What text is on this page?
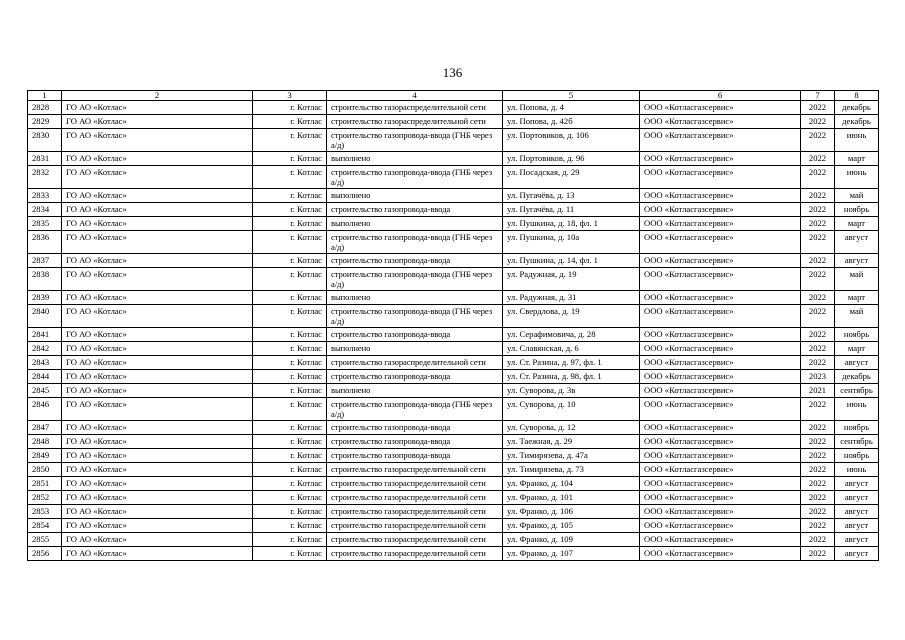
136
1	2	3	4	5	6	7	8
2828	ГО АО «Котлас»	г. Котлас	строительство газораспределительной сети	ул. Попова, д. 4	ООО «Котласгазсервис»	2022	декабрь
2829	ГО АО «Котлас»	г. Котлас	строительство газораспределительной сети	ул. Попова, д. 42б	ООО «Котласгазсервис»	2022	декабрь
2830	ГО АО «Котлас»	г. Котлас	строительство газопровода-ввода (ГНБ через а/д)	ул. Портовиков, д. 106	ООО «Котласгазсервис»	2022	июнь
2831	ГО АО «Котлас»	г. Котлас	выполнено	ул. Портовиков, д. 96	ООО «Котласгазсервис»	2022	март
2832	ГО АО «Котлас»	г. Котлас	строительство газопровода-ввода (ГНБ через а/д)	ул. Посадская, д. 29	ООО «Котласгазсервис»	2022	июнь
2833	ГО АО «Котлас»	г. Котлас	выполнено	ул. Пугачёва, д. 13	ООО «Котласгазсервис»	2022	май
2834	ГО АО «Котлас»	г. Котлас	строительство газопровода-ввода	ул. Пугачёва, д. 11	ООО «Котласгазсервис»	2022	ноябрь
2835	ГО АО «Котлас»	г. Котлас	выполнено	ул. Пушкина, д. 18, фл. 1	ООО «Котласгазсервис»	2022	март
2836	ГО АО «Котлас»	г. Котлас	строительство газопровода-ввода (ГНБ через а/д)	ул. Пушкина, д. 10а	ООО «Котласгазсервис»	2022	август
2837	ГО АО «Котлас»	г. Котлас	строительство газопровода-ввода	ул. Пушкина, д. 14, фл. 1	ООО «Котласгазсервис»	2022	август
2838	ГО АО «Котлас»	г. Котлас	строительство газопровода-ввода (ГНБ через а/д)	ул. Радужная, д. 19	ООО «Котласгазсервис»	2022	май
2839	ГО АО «Котлас»	г. Котлас	выполнено	ул. Радужная, д. 31	ООО «Котласгазсервис»	2022	март
2840	ГО АО «Котлас»	г. Котлас	строительство газопровода-ввода (ГНБ через а/д)	ул. Свердлова, д. 19	ООО «Котласгазсервис»	2022	май
2841	ГО АО «Котлас»	г. Котлас	строительство газопровода-ввода	ул. Серафимовича, д. 28	ООО «Котласгазсервис»	2022	ноябрь
2842	ГО АО «Котлас»	г. Котлас	выполнено	ул. Славянская, д. 6	ООО «Котласгазсервис»	2022	март
2843	ГО АО «Котлас»	г. Котлас	строительство газораспределительной сети	ул. Ст. Разина, д. 97, фл. 1	ООО «Котласгазсервис»	2022	август
2844	ГО АО «Котлас»	г. Котлас	строительство газопровода-ввода	ул. Ст. Разина, д. 98, фл. 1	ООО «Котласгазсервис»	2023	декабрь
2845	ГО АО «Котлас»	г. Котлас	выполнено	ул. Суворова, д. 3в	ООО «Котласгазсервис»	2021	сентябрь
2846	ГО АО «Котлас»	г. Котлас	строительство газопровода-ввода (ГНБ через а/д)	ул. Суворова, д. 10	ООО «Котласгазсервис»	2022	июнь
2847	ГО АО «Котлас»	г. Котлас	строительство газопровода-ввода	ул. Суворова, д. 12	ООО «Котласгазсервис»	2022	ноябрь
2848	ГО АО «Котлас»	г. Котлас	строительство газопровода-ввода	ул. Таежная, д. 29	ООО «Котласгазсервис»	2022	сентябрь
2849	ГО АО «Котлас»	г. Котлас	строительство газопровода-ввода	ул. Тимирязева, д. 47а	ООО «Котласгазсервис»	2022	ноябрь
2850	ГО АО «Котлас»	г. Котлас	строительство газораспределительной сети	ул. Тимирязева, д. 73	ООО «Котласгазсервис»	2022	июнь
2851	ГО АО «Котлас»	г. Котлас	строительство газораспределительной сети	ул. Франко, д. 104	ООО «Котласгазсервис»	2022	август
2852	ГО АО «Котлас»	г. Котлас	строительство газораспределительной сети	ул. Франко, д. 101	ООО «Котласгазсервис»	2022	август
2853	ГО АО «Котлас»	г. Котлас	строительство газораспределительной сети	ул. Франко, д. 106	ООО «Котласгазсервис»	2022	август
2854	ГО АО «Котлас»	г. Котлас	строительство газораспределительной сети	ул. Франко, д. 105	ООО «Котласгазсервис»	2022	август
2855	ГО АО «Котлас»	г. Котлас	строительство газораспределительной сети	ул. Франко, д. 109	ООО «Котласгазсервис»	2022	август
2856	ГО АО «Котлас»	г. Котлас	строительство газораспределительной сети	ул. Франко, д. 107	ООО «Котласгазсервис»	2022	август
